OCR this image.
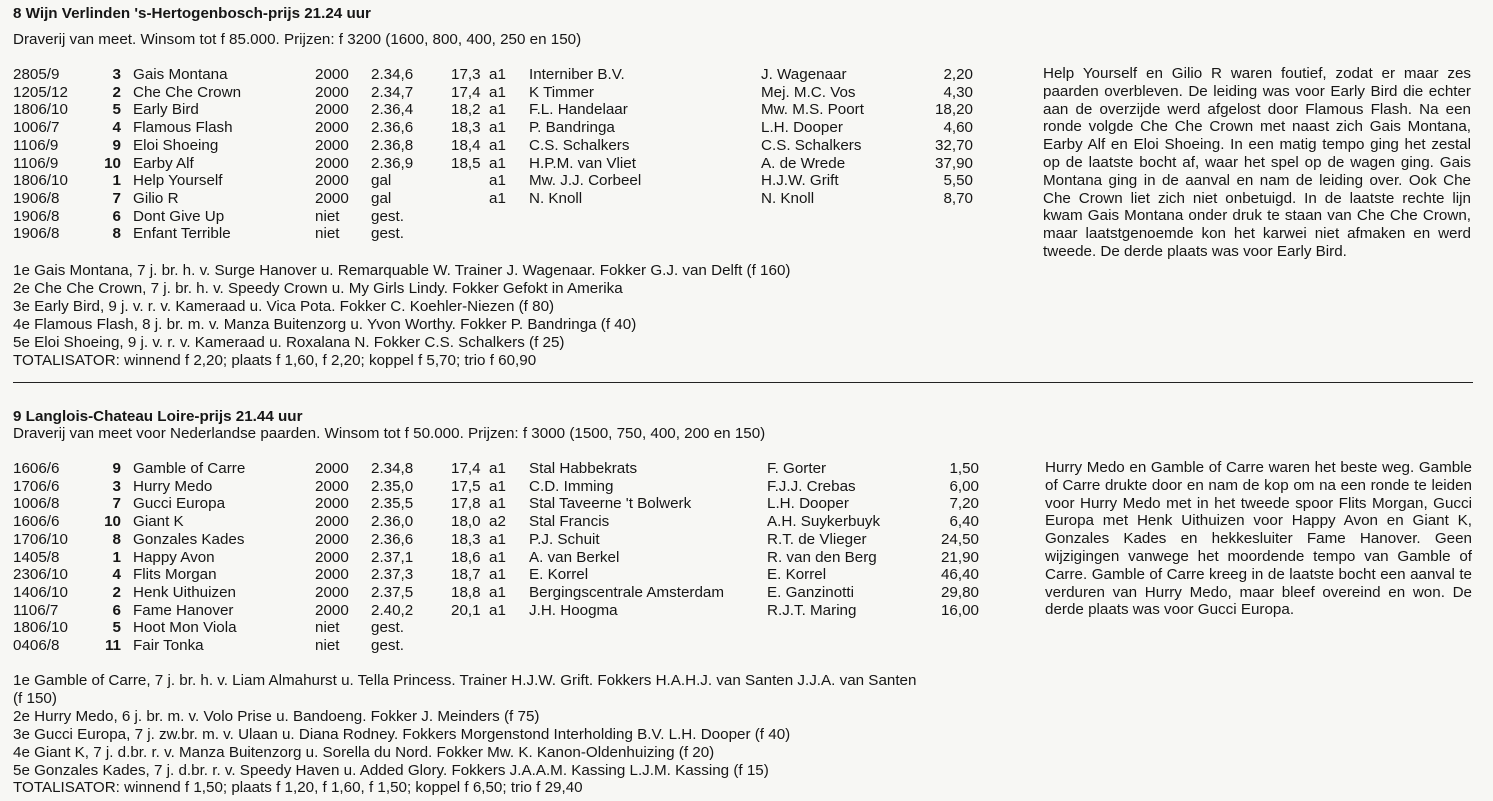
8 Wijn Verlinden 's-Hertogenbosch-prijs 21.24 uur
Draverij van meet. Winsom tot f 85.000. Prijzen: f 3200 (1600, 800, 400, 250 en 150)
2805/9	3	Gais Montana	2000	2.34,6	17,3	a1	Interniber B.V.	J. Wagenaar	2,20
1205/12	2	Che Che Crown	2000	2.34,7	17,4	a1	K Timmer	Mej. M.C. Vos	4,30
1806/10	5	Early Bird	2000	2.36,4	18,2	a1	F.L. Handelaar	Mw. M.S. Poort	18,20
1006/7	4	Flamous Flash	2000	2.36,6	18,3	a1	P. Bandringa	L.H. Dooper	4,60
1106/9	9	Eloi Shoeing	2000	2.36,8	18,4	a1	C.S. Schalkers	C.S. Schalkers	32,70
1106/9	10	Earby Alf	2000	2.36,9	18,5	a1	H.P.M. van Vliet	A. de Wrede	37,90
1806/10	1	Help Yourself	2000	gal		a1	Mw. J.J. Corbeel	H.J.W. Grift	5,50
1906/8	7	Gilio R	2000	gal		a1	N. Knoll	N. Knoll	8,70
1906/8	6	Dont Give Up	niet	gest.					
1906/8	8	Enfant Terrible	niet	gest.					
Help Yourself en Gilio R waren foutief, zodat er maar zes paarden overbleven. De leiding was voor Early Bird die echter aan de overzijde werd afgelost door Flamous Flash. Na een ronde volgde Che Che Crown met naast zich Gais Montana, Earby Alf en Eloi Shoeing. In een matig tempo ging het zestal op de laatste bocht af, waar het spel op de wagen ging. Gais Montana ging in de aanval en nam de leiding over. Ook Che Che Crown liet zich niet onbetuigd. In de laatste rechte lijn kwam Gais Montana onder druk te staan van Che Che Crown, maar laatstgenoemde kon het karwei niet afmaken en werd tweede. De derde plaats was voor Early Bird.
1e Gais Montana, 7 j. br. h. v. Surge Hanover u. Remarquable W. Trainer J. Wagenaar. Fokker G.J. van Delft (f 160)
2e Che Che Crown, 7 j. br. h. v. Speedy Crown u. My Girls Lindy. Fokker Gefokt in Amerika
3e Early Bird, 9 j. v. r. v. Kameraad u. Vica Pota. Fokker C. Koehler-Niezen (f 80)
4e Flamous Flash, 8 j. br. m. v. Manza Buitenzorg u. Yvon Worthy. Fokker P. Bandringa (f 40)
5e Eloi Shoeing, 9 j. v. r. v. Kameraad u. Roxalana N. Fokker C.S. Schalkers (f 25)
TOTALISATOR: winnend f 2,20; plaats f 1,60, f 2,20; koppel f 5,70; trio f 60,90
9 Langlois-Chateau Loire-prijs 21.44 uur
Draverij van meet voor Nederlandse paarden. Winsom tot f 50.000. Prijzen: f 3000 (1500, 750, 400, 200 en 150)
1606/6	9	Gamble of Carre	2000	2.34,8	17,4	a1	Stal Habbekrats	F. Gorter	1,50
1706/6	3	Hurry Medo	2000	2.35,0	17,5	a1	C.D. Imming	F.J.J. Crebas	6,00
1006/8	7	Gucci Europa	2000	2.35,5	17,8	a1	Stal Taveerne 't Bolwerk	L.H. Dooper	7,20
1606/6	10	Giant K	2000	2.36,0	18,0	a2	Stal Francis	A.H. Suykerbuyk	6,40
1706/10	8	Gonzales Kades	2000	2.36,6	18,3	a1	P.J. Schuit	R.T. de Vlieger	24,50
1405/8	1	Happy Avon	2000	2.37,1	18,6	a1	A. van Berkel	R. van den Berg	21,90
2306/10	4	Flits Morgan	2000	2.37,3	18,7	a1	E. Korrel	E. Korrel	46,40
1406/10	2	Henk Uithuizen	2000	2.37,5	18,8	a1	Bergingscentrale Amsterdam	E. Ganzinotti	29,80
1106/7	6	Fame Hanover	2000	2.40,2	20,1	a1	J.H. Hoogma	R.J.T. Maring	16,00
1806/10	5	Hoot Mon Viola	niet	gest.					
0406/8	11	Fair Tonka	niet	gest.					
Hurry Medo en Gamble of Carre waren het beste weg. Gamble of Carre drukte door en nam de kop om na een ronde te leiden voor Hurry Medo met in het tweede spoor Flits Morgan, Gucci Europa met Henk Uithuizen voor Happy Avon en Giant K, Gonzales Kades en hekkesluiter Fame Hanover. Geen wijzigingen vanwege het moordende tempo van Gamble of Carre. Gamble of Carre kreeg in de laatste bocht een aanval te verduren van Hurry Medo, maar bleef overeind en won. De derde plaats was voor Gucci Europa.
1e Gamble of Carre, 7 j. br. h. v. Liam Almahurst u. Tella Princess. Trainer H.J.W. Grift. Fokkers H.A.H.J. van Santen J.J.A. van Santen
(f 150)
2e Hurry Medo, 6 j. br. m. v. Volo Prise u. Bandoeng. Fokker J. Meinders (f 75)
3e Gucci Europa, 7 j. zw.br. m. v. Ulaan u. Diana Rodney. Fokkers Morgenstond Interholding B.V. L.H. Dooper (f 40)
4e Giant K, 7 j. d.br. r. v. Manza Buitenzorg u. Sorella du Nord. Fokker Mw. K. Kanon-Oldenhuizing (f 20)
5e Gonzales Kades, 7 j. d.br. r. v. Speedy Haven u. Added Glory. Fokkers J.A.A.M. Kassing L.J.M. Kassing (f 15)
TOTALISATOR: winnend f 1,50; plaats f 1,20, f 1,60, f 1,50; koppel f 6,50; trio f 29,40
